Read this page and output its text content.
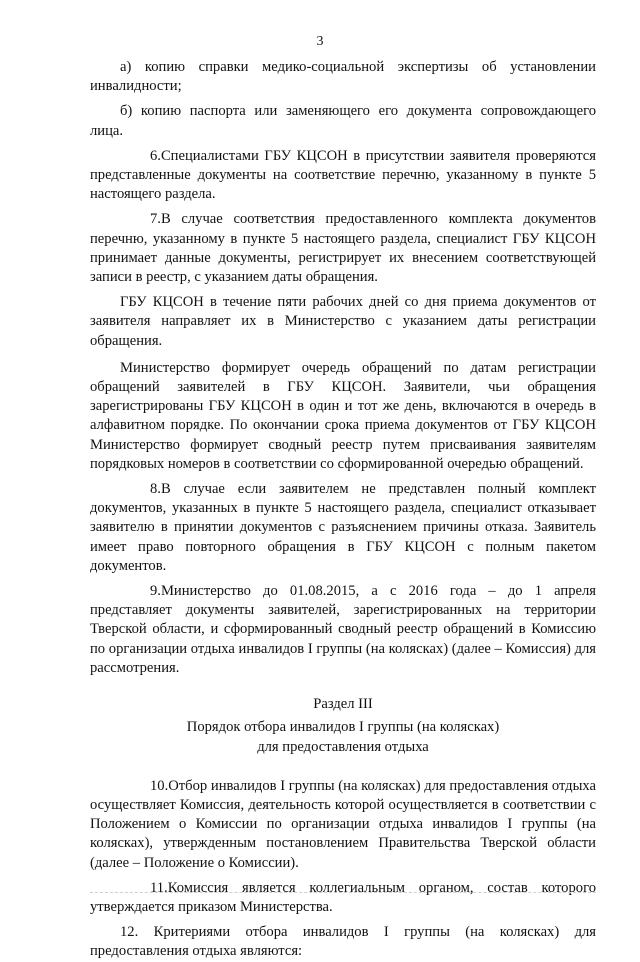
3

а) копию справки медико-социальной экспертизы об установлении инвалидности;

б) копию паспорта или заменяющего его документа сопровождающего лица.

6.Специалистами ГБУ КЦСОН в присутствии заявителя проверяются представленные документы на соответствие перечню, указанному в пункте 5 настоящего раздела.

7.В случае соответствия предоставленного комплекта документов перечню, указанному в пункте 5 настоящего раздела, специалист ГБУ КЦСОН принимает данные документы, регистрирует их внесением соответствующей записи в реестр, с указанием даты обращения.

ГБУ КЦСОН в течение пяти рабочих дней со дня приема документов от заявителя направляет их в Министерство с указанием даты регистрации обращения.

Министерство формирует очередь обращений по датам регистрации обращений заявителей в ГБУ КЦСОН. Заявители, чьи обращения зарегистрированы ГБУ КЦСОН в один и тот же день, включаются в очередь в алфавитном порядке. По окончании срока приема документов от ГБУ КЦСОН Министерство формирует сводный реестр путем присваивания заявителям порядковых номеров в соответствии со сформированной очередью обращений.

8.В случае если заявителем не представлен полный комплект документов, указанных в пункте 5 настоящего раздела, специалист отказывает заявителю в принятии документов с разъяснением причины отказа. Заявитель имеет право повторного обращения в ГБУ КЦСОН с полным пакетом документов.

9.Министерство до 01.08.2015, а с 2016 года – до 1 апреля представляет документы заявителей, зарегистрированных на территории Тверской области, и сформированный сводный реестр обращений в Комиссию по организации отдыха инвалидов I группы (на колясках) (далее – Комиссия) для рассмотрения.

Раздел III

Порядок отбора инвалидов I группы (на колясках)

для предоставления отдыха

10.Отбор инвалидов I группы (на колясках) для предоставления отдыха осуществляет Комиссия, деятельность которой осуществляется в соответствии с Положением о Комиссии по организации отдыха инвалидов I группы (на колясках), утвержденным постановлением Правительства Тверской области (далее – Положение о Комиссии).

11.Комиссия является коллегиальным органом, состав которого утверждается приказом Министерства.

12. Критериями отбора инвалидов I группы (на колясках) для предоставления отдыха являются:
